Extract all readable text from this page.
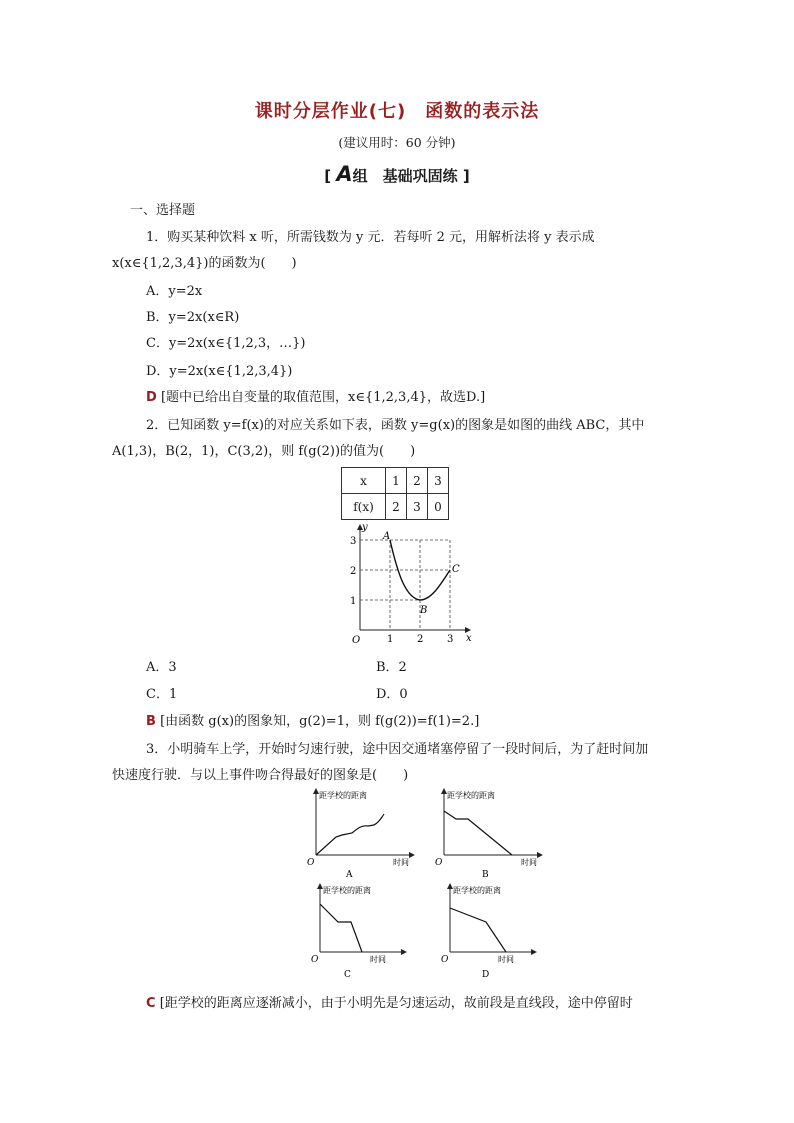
课时分层作业(七)　函数的表示法
(建议用时：60 分钟)
[ A组　基础巩固练 ]
一、选择题
1．购买某种饮料 x 听，所需钱数为 y 元．若每听 2 元，用解析法将 y 表示成
x(x∈{1,2,3,4})的函数为(　　)
A．y=2x
B．y=2x(x∈R)
C．y=2x(x∈{1,2,3，…})
D．y=2x(x∈{1,2,3,4})
D [题中已给出自变量的取值范围，x∈{1,2,3,4}，故选D.]
2．已知函数 y=f(x)的对应关系如下表，函数 y=g(x)的图象是如图的曲线 ABC，其中
A(1,3)，B(2，1)，C(3,2)，则 f(g(2))的值为(　　)
x	1	2	3
f(x)	2	3	0
y
x
O	1 2 3
1
2
3	A
B
C
A．3	B．2
C．1	D．0
B [由函数 g(x)的图象知，g(2)=1，则 f(g(2))=f(1)=2.]
3．小明骑车上学，开始时匀速行驶，途中因交通堵塞停留了一段时间后，为了赶时间加
快速度行驶．与以上事件吻合得最好的图象是(　　)
距学校的距离
时间
O
A
距学校的距离
时间
O
B
距学校的距离
时间
O
C
距学校的距离
时间
O
D
C [距学校的距离应逐渐减小，由于小明先是匀速运动，故前段是直线段，途中停留时
